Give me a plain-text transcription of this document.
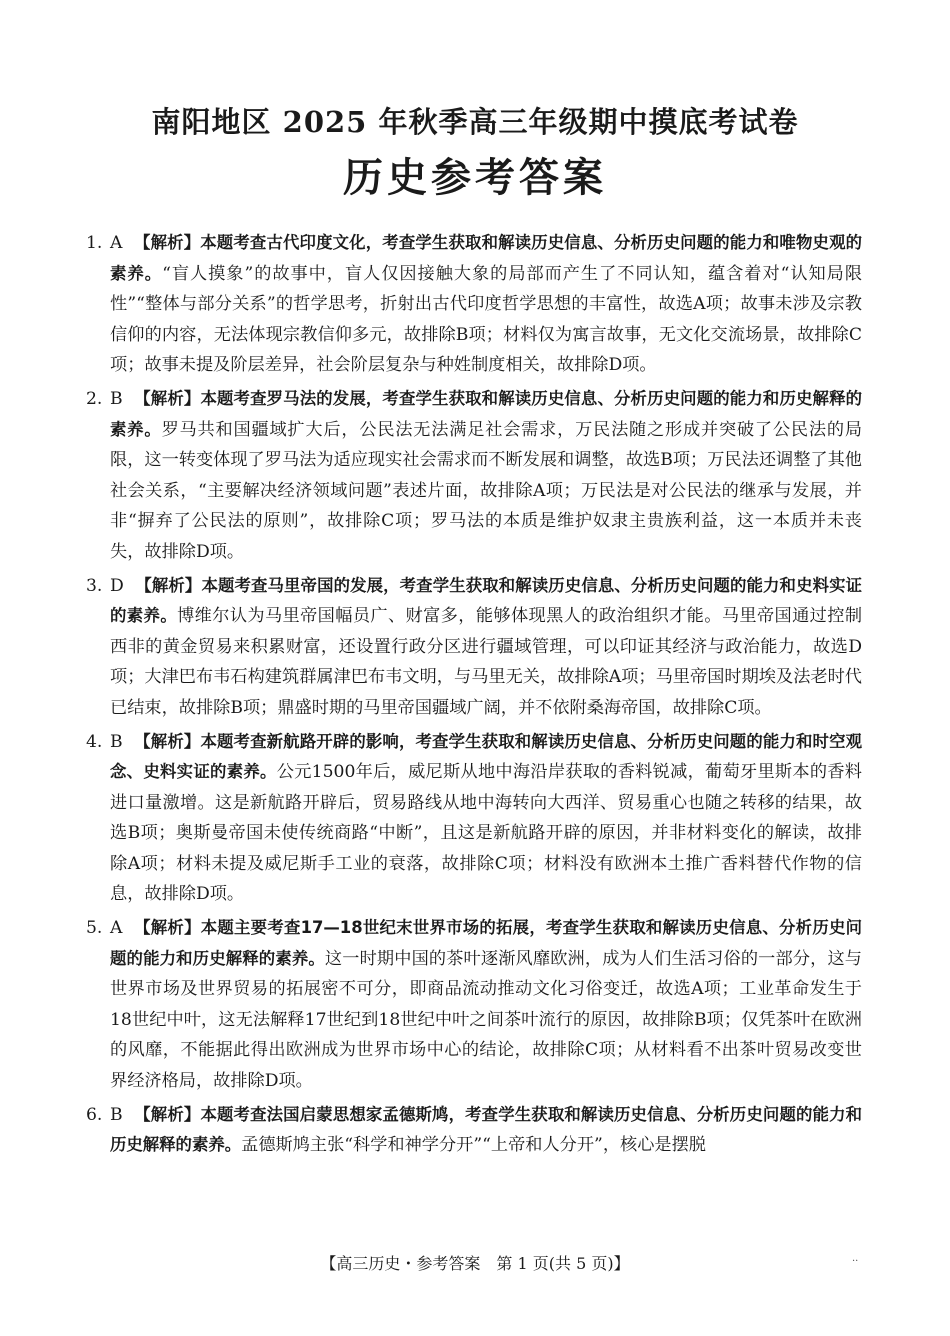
南阳地区 2025 年秋季高三年级期中摸底考试卷
历史参考答案
1. A 【解析】本题考查古代印度文化，考查学生获取和解读历史信息、分析历史问题的能力和唯物史观的素养。“盲人摸象”的故事中，盲人仅因接触大象的局部而产生了不同认知，蕴含着对“认知局限性”“整体与部分关系”的哲学思考，折射出古代印度哲学思想的丰富性，故选A项；故事未涉及宗教信仰的内容，无法体现宗教信仰多元，故排除B项；材料仅为寓言故事，无文化交流场景，故排除C项；故事未提及阶层差异，社会阶层复杂与种姓制度相关，故排除D项。
2. B 【解析】本题考查罗马法的发展，考查学生获取和解读历史信息、分析历史问题的能力和历史解释的素养。罗马共和国疆域扩大后，公民法无法满足社会需求，万民法随之形成并突破了公民法的局限，这一转变体现了罗马法为适应现实社会需求而不断发展和调整，故选B项；万民法还调整了其他社会关系，“主要解决经济领域问题”表述片面，故排除A项；万民法是对公民法的继承与发展，并非“摒弃了公民法的原则”，故排除C项；罗马法的本质是维护奴隶主贵族利益，这一本质并未丧失，故排除D项。
3. D 【解析】本题考查马里帝国的发展，考查学生获取和解读历史信息、分析历史问题的能力和史料实证的素养。博维尔认为马里帝国幅员广、财富多，能够体现黑人的政治组织才能。马里帝国通过控制西非的黄金贸易来积累财富，还设置行政分区进行疆域管理，可以印证其经济与政治能力，故选D项；大津巴布韦石构建筑群属津巴布韦文明，与马里无关，故排除A项；马里帝国时期埃及法老时代已结束，故排除B项；鼎盛时期的马里帝国疆域广阔，并不依附桑海帝国，故排除C项。
4. B 【解析】本题考查新航路开辟的影响，考查学生获取和解读历史信息、分析历史问题的能力和时空观念、史料实证的素养。公元1500年后，威尼斯从地中海沿岸获取的香料锐减，葡萄牙里斯本的香料进口量激增。这是新航路开辟后，贸易路线从地中海转向大西洋、贸易重心也随之转移的结果，故选B项；奥斯曼帝国未使传统商路“中断”，且这是新航路开辟的原因，并非材料变化的解读，故排除A项；材料未提及威尼斯手工业的衰落，故排除C项；材料没有欧洲本土推广香料替代作物的信息，故排除D项。
5. A 【解析】本题主要考查17—18世纪末世界市场的拓展，考查学生获取和解读历史信息、分析历史问题的能力和历史解释的素养。这一时期中国的茶叶逐渐风靡欧洲，成为人们生活习俗的一部分，这与世界市场及世界贸易的拓展密不可分，即商品流动推动文化习俗变迁，故选A项；工业革命发生于18世纪中叶，这无法解释17世纪到18世纪中叶之间茶叶流行的原因，故排除B项；仅凭茶叶在欧洲的风靡，不能据此得出欧洲成为世界市场中心的结论，故排除C项；从材料看不出茶叶贸易改变世界经济格局，故排除D项。
6. B 【解析】本题考查法国启蒙思想家孟德斯鸠，考查学生获取和解读历史信息、分析历史问题的能力和历史解释的素养。孟德斯鸠主张“科学和神学分开”“上帝和人分开”，核心是摆脱
【高三历史・参考答案　第 1 页(共 5 页)】	··
